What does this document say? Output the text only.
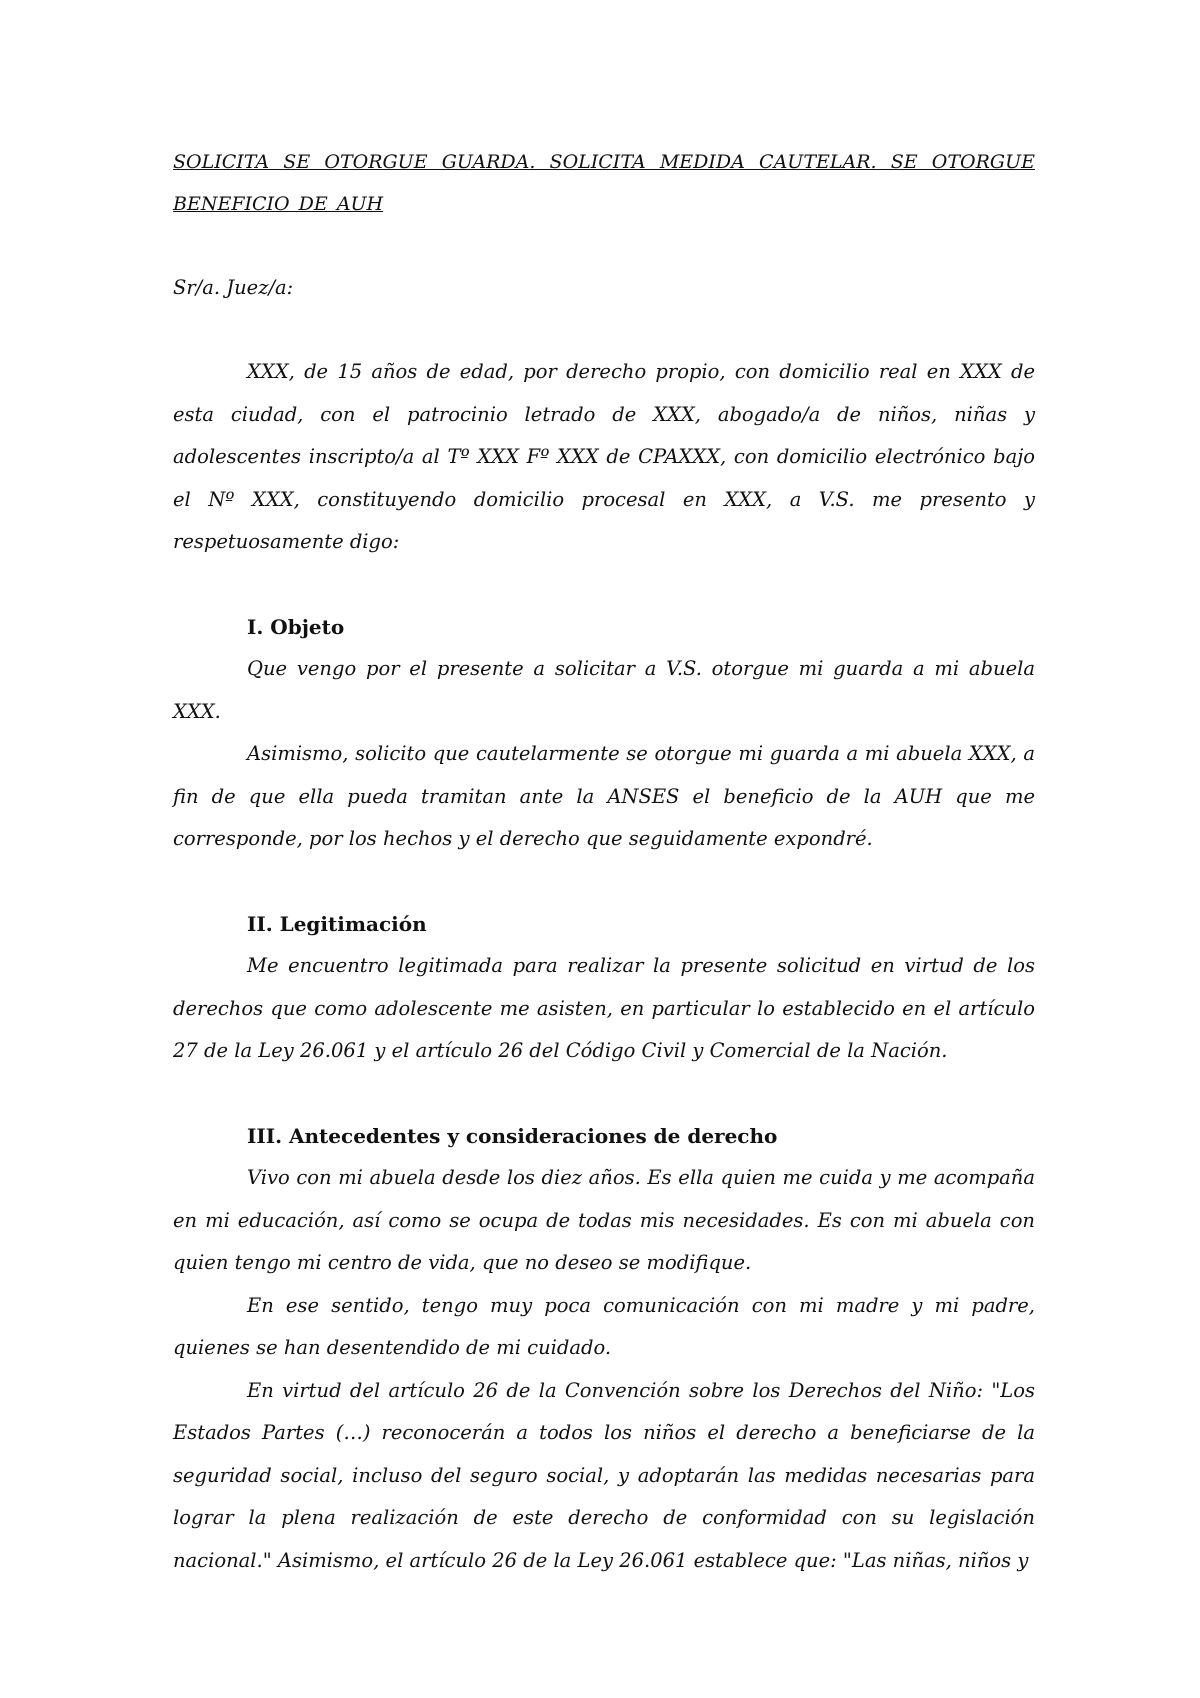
SOLICITA SE OTORGUE GUARDA. SOLICITA MEDIDA CAUTELAR. SE OTORGUE BENEFICIO DE AUH

Sr/a. Juez/a:

XXX, de 15 años de edad, por derecho propio, con domicilio real en XXX de esta ciudad, con el patrocinio letrado de XXX, abogado/a de niños, niñas y adolescentes inscripto/a al Tº XXX Fº XXX de CPAXXX, con domicilio electrónico bajo el Nº XXX, constituyendo domicilio procesal en XXX, a V.S. me presento y respetuosamente digo:

I. Objeto

Que vengo por el presente a solicitar a V.S. otorgue mi guarda a mi abuela XXX.

Asimismo, solicito que cautelarmente se otorgue mi guarda a mi abuela XXX, a fin de que ella pueda tramitan ante la ANSES el beneficio de la AUH que me corresponde, por los hechos y el derecho que seguidamente expondré.

II. Legitimación

Me encuentro legitimada para realizar la presente solicitud en virtud de los derechos que como adolescente me asisten, en particular lo establecido en el artículo 27 de la Ley 26.061 y el artículo 26 del Código Civil y Comercial de la Nación.

III. Antecedentes y consideraciones de derecho

Vivo con mi abuela desde los diez años. Es ella quien me cuida y me acompaña en mi educación, así como se ocupa de todas mis necesidades. Es con mi abuela con quien tengo mi centro de vida, que no deseo se modifique.

En ese sentido, tengo muy poca comunicación con mi madre y mi padre, quienes se han desentendido de mi cuidado.

En virtud del artículo 26 de la Convención sobre los Derechos del Niño: "Los Estados Partes (…) reconocerán a todos los niños el derecho a beneficiarse de la seguridad social, incluso del seguro social, y adoptarán las medidas necesarias para lograr la plena realización de este derecho de conformidad con su legislación nacional." Asimismo, el artículo 26 de la Ley 26.061 establece que: "Las niñas, niños y
